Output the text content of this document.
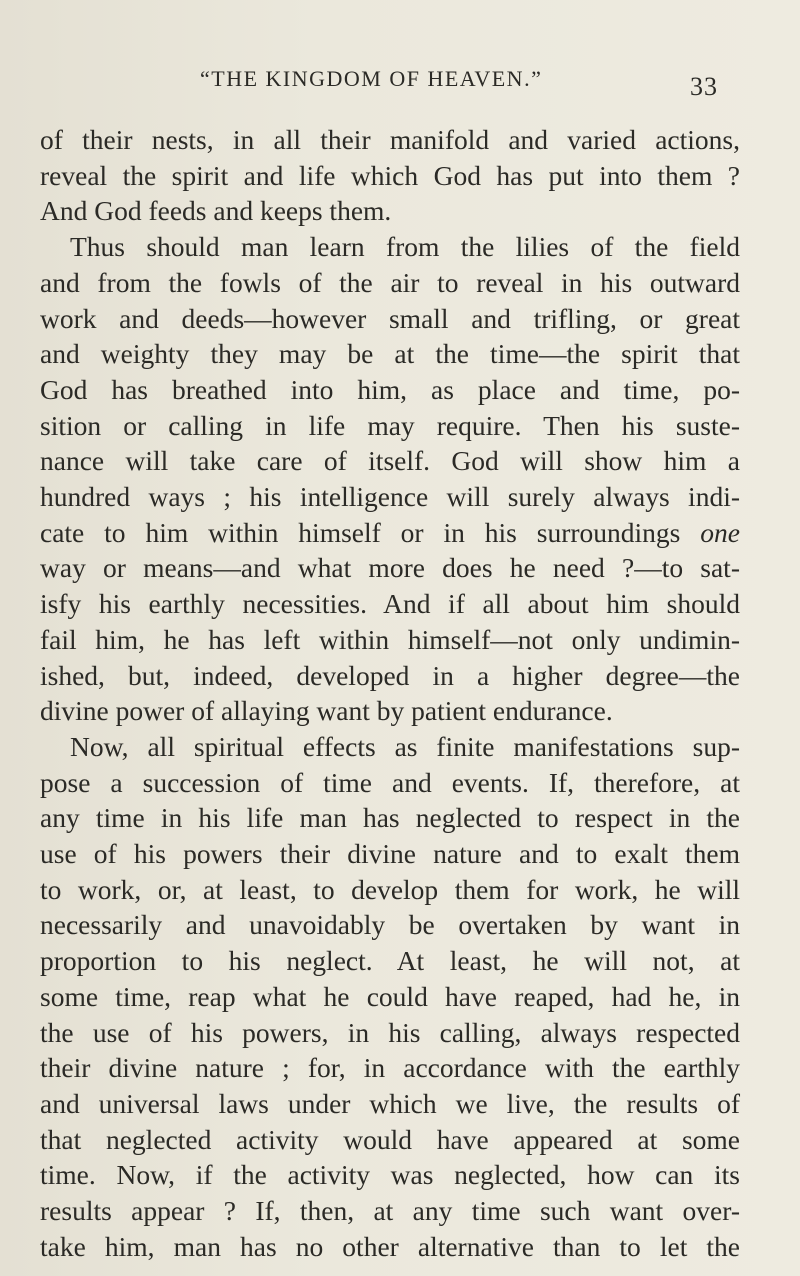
“THE KINGDOM OF HEAVEN.”	33
of their nests, in all their manifold and varied actions,
reveal the spirit and life which God has put into them ?
And God feeds and keeps them.
Thus should man learn from the lilies of the field
and from the fowls of the air to reveal in his outward
work and deeds—however small and trifling, or great
and weighty they may be at the time—the spirit that
God has breathed into him, as place and time, po-
sition or calling in life may require. Then his suste-
nance will take care of itself. God will show him a
hundred ways ; his intelligence will surely always indi-
cate to him within himself or in his surroundings one
way or means—and what more does he need ?—to sat-
isfy his earthly necessities. And if all about him should
fail him, he has left within himself—not only undimin-
ished, but, indeed, developed in a higher degree—the
divine power of allaying want by patient endurance.
Now, all spiritual effects as finite manifestations sup-
pose a succession of time and events. If, therefore, at
any time in his life man has neglected to respect in the
use of his powers their divine nature and to exalt them
to work, or, at least, to develop them for work, he will
necessarily and unavoidably be overtaken by want in
proportion to his neglect. At least, he will not, at
some time, reap what he could have reaped, had he, in
the use of his powers, in his calling, always respected
their divine nature ; for, in accordance with the earthly
and universal laws under which we live, the results of
that neglected activity would have appeared at some
time. Now, if the activity was neglected, how can its
results appear ? If, then, at any time such want over-
take him, man has no other alternative than to let the
